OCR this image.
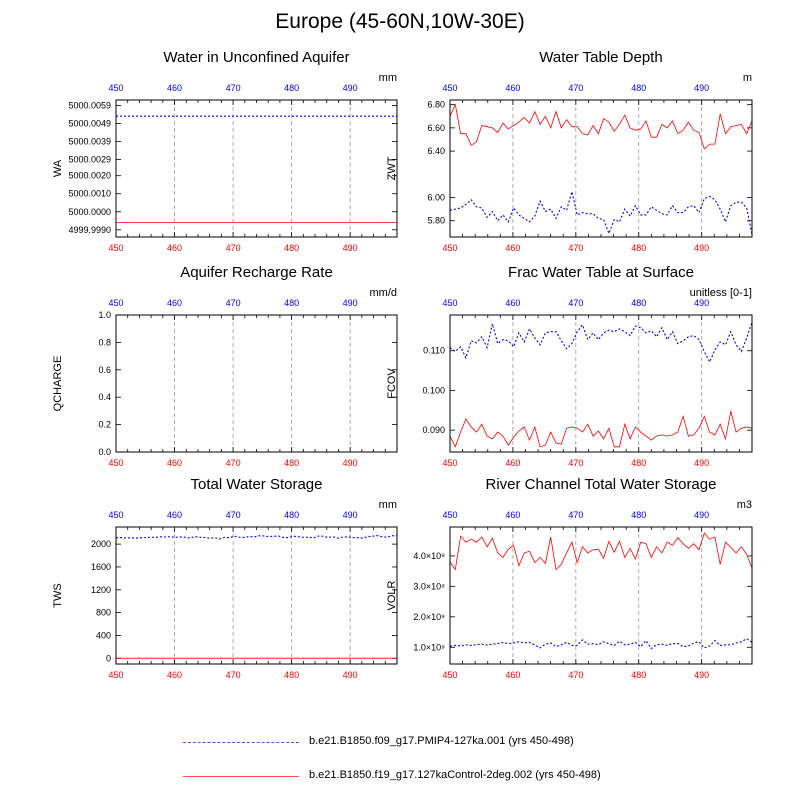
Europe (45-60N,10W-30E)
Water in Unconfined Aquifer
mm
WA
450
450
460
460
470
470
480
480
490
490
4999.9990
5000.0000
5000.0010
5000.0020
5000.0029
5000.0039
5000.0049
5000.0059
Water Table Depth
m
ZWT
450
450
460
460
470
470
480
480
490
490
5.80
6.00
6.40
6.60
6.80
Aquifer Recharge Rate
mm/d
QCHARGE
450
450
460
460
470
470
480
480
490
490
0.0
0.2
0.4
0.6
0.8
1.0
Frac Water Table at Surface
unitless [0-1]
FCOV
450
450
460
460
470
470
480
480
490
490
0.090
0.100
0.110
Total Water Storage
mm
TWS
450
450
460
460
470
470
480
480
490
490
0
400
800
1200
1600
2000
River Channel Total Water Storage
m3
VOLR
450
450
460
460
470
470
480
480
490
490
1.0×10⁹
2.0×10⁹
3.0×10⁹
4.0×10⁹
b.e21.B1850.f09_g17.PMIP4-127ka.001 (yrs 450-498)
b.e21.B1850.f19_g17.127kaControl-2deg.002 (yrs 450-498)
